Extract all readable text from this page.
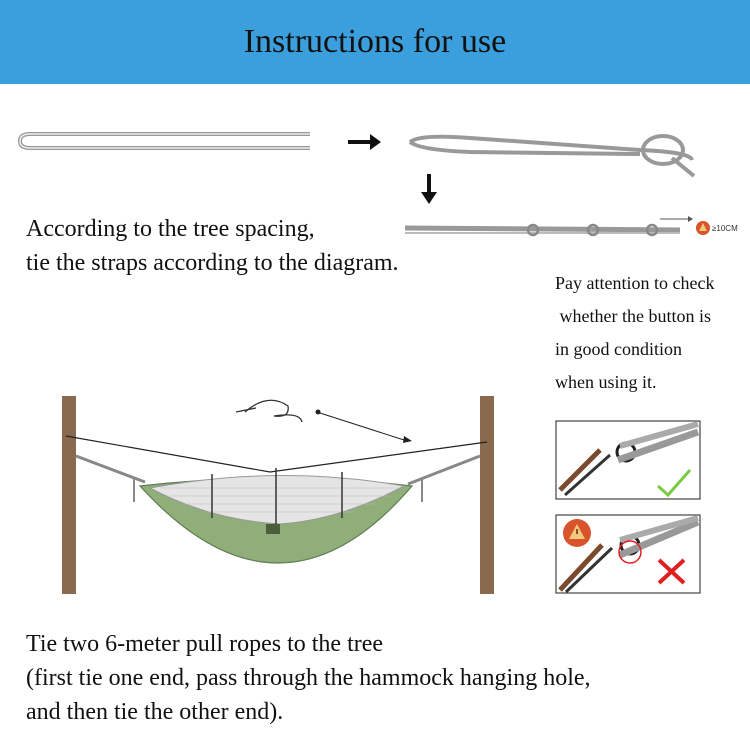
Instructions for use
≥10CM
According to the tree spacing,
tie the straps according to the diagram.
Pay attention to check
whether the button is
in good condition
when using it.
Tie two 6-meter pull ropes to the tree
(first tie one end, pass through the hammock hanging hole,
and then tie the other end).
